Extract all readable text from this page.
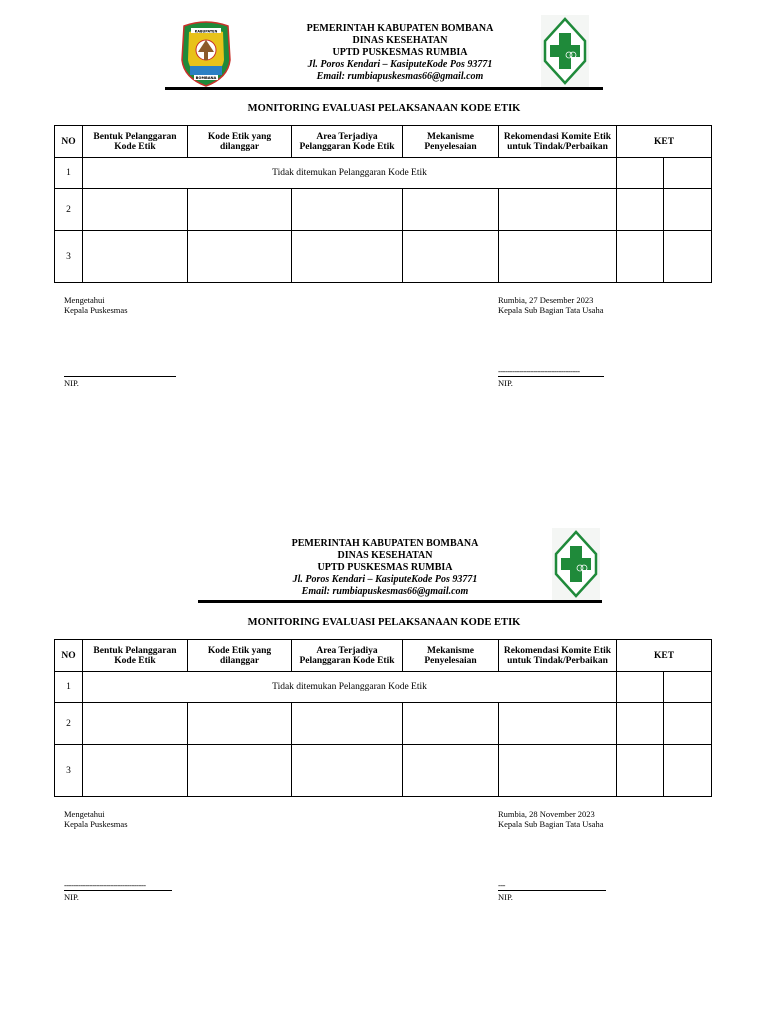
KABUPATEN
BOMBANA
PEMERINTAH KABUPATEN BOMBANA
DINAS KESEHATAN
UPTD PUSKESMAS RUMBIA
Jl. Poros Kendari – KasiputeKode Pos 93771
Email: rumbiapuskesmas66@gmail.com
MONITORING EVALUASI PELAKSANAAN KODE ETIK
NO	Bentuk Pelanggaran Kode Etik	Kode Etik yang dilanggar	Area Terjadiya Pelanggaran Kode Etik	Mekanisme Penyelesaian	Rekomendasi Komite Etik untuk Tindak/Perbaikan	KET	
1	Tidak ditemukan Pelanggaran Kode Etik						
2							
3							
Mengetahui
Kepala Puskesmas
Rumbia, 27 Desember 2023
Kepala Sub Bagian Tata Usaha
NIP.
-----------------------------------
NIP.
PEMERINTAH KABUPATEN BOMBANA
DINAS KESEHATAN
UPTD PUSKESMAS RUMBIA
Jl. Poros Kendari – KasiputeKode Pos 93771
Email: rumbiapuskesmas66@gmail.com
MONITORING EVALUASI PELAKSANAAN KODE ETIK
NO	Bentuk Pelanggaran Kode Etik	Kode Etik yang dilanggar	Area Terjadiya Pelanggaran Kode Etik	Mekanisme Penyelesaian	Rekomendasi Komite Etik untuk Tindak/Perbaikan	KET	
1	Tidak ditemukan Pelanggaran Kode Etik						
2							
3							
Mengetahui
Kepala Puskesmas
Rumbia, 28 November 2023
Kepala Sub Bagian Tata Usaha
-----------------------------------
NIP.
---
NIP.
